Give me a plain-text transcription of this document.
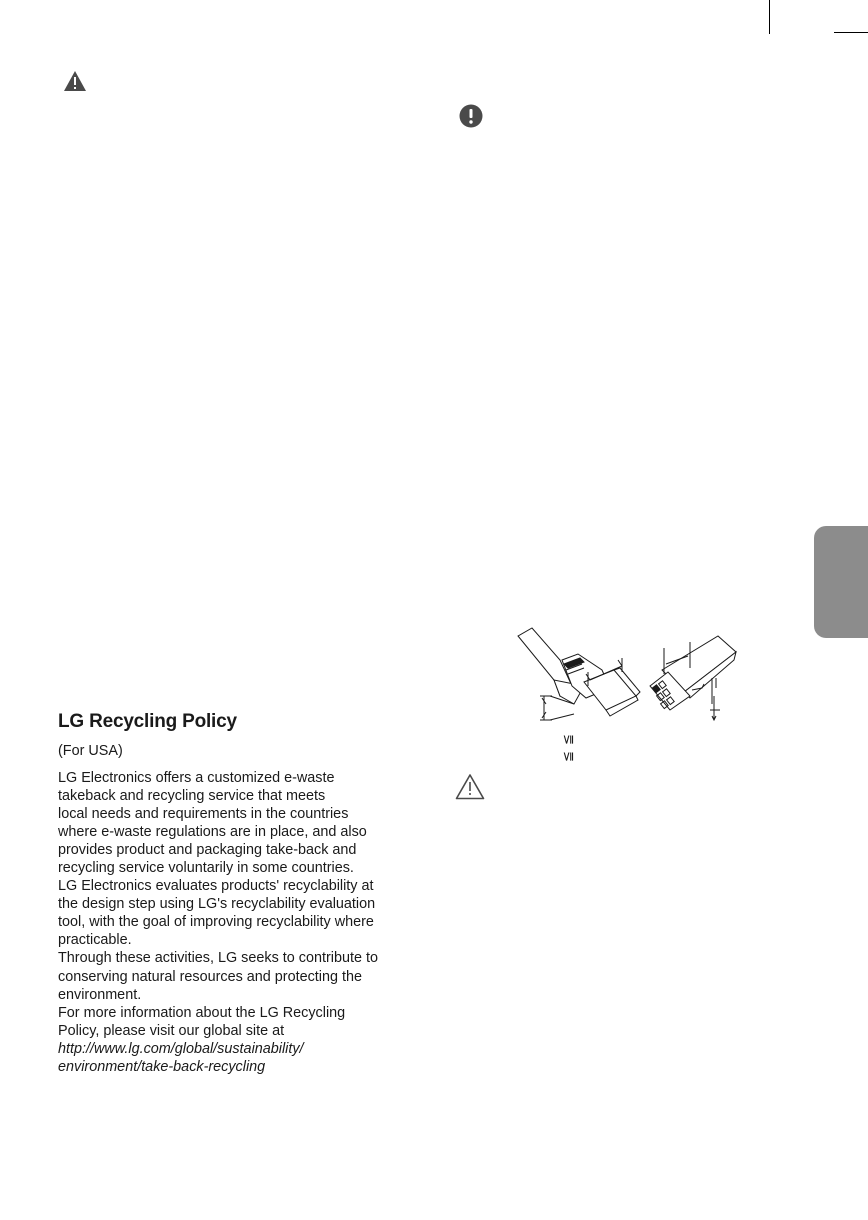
LG Recycling Policy
(For USA)
LG Electronics offers a customized e-waste
takeback and recycling service that meets
local needs and requirements in the countries
where e-waste regulations are in place, and also
provides product and packaging take-back and
recycling service voluntarily in some countries.
LG Electronics evaluates products' recyclability at
the design step using LG's recyclability evaluation
tool, with the goal of improving recyclability where
practicable.
Through these activities, LG seeks to contribute to
conserving natural resources and protecting the
environment.
For more information about the LG Recycling
Policy, please visit our global site at
http://www.lg.com/global/sustainability/
environment/take-back-recycling
≦
≦
